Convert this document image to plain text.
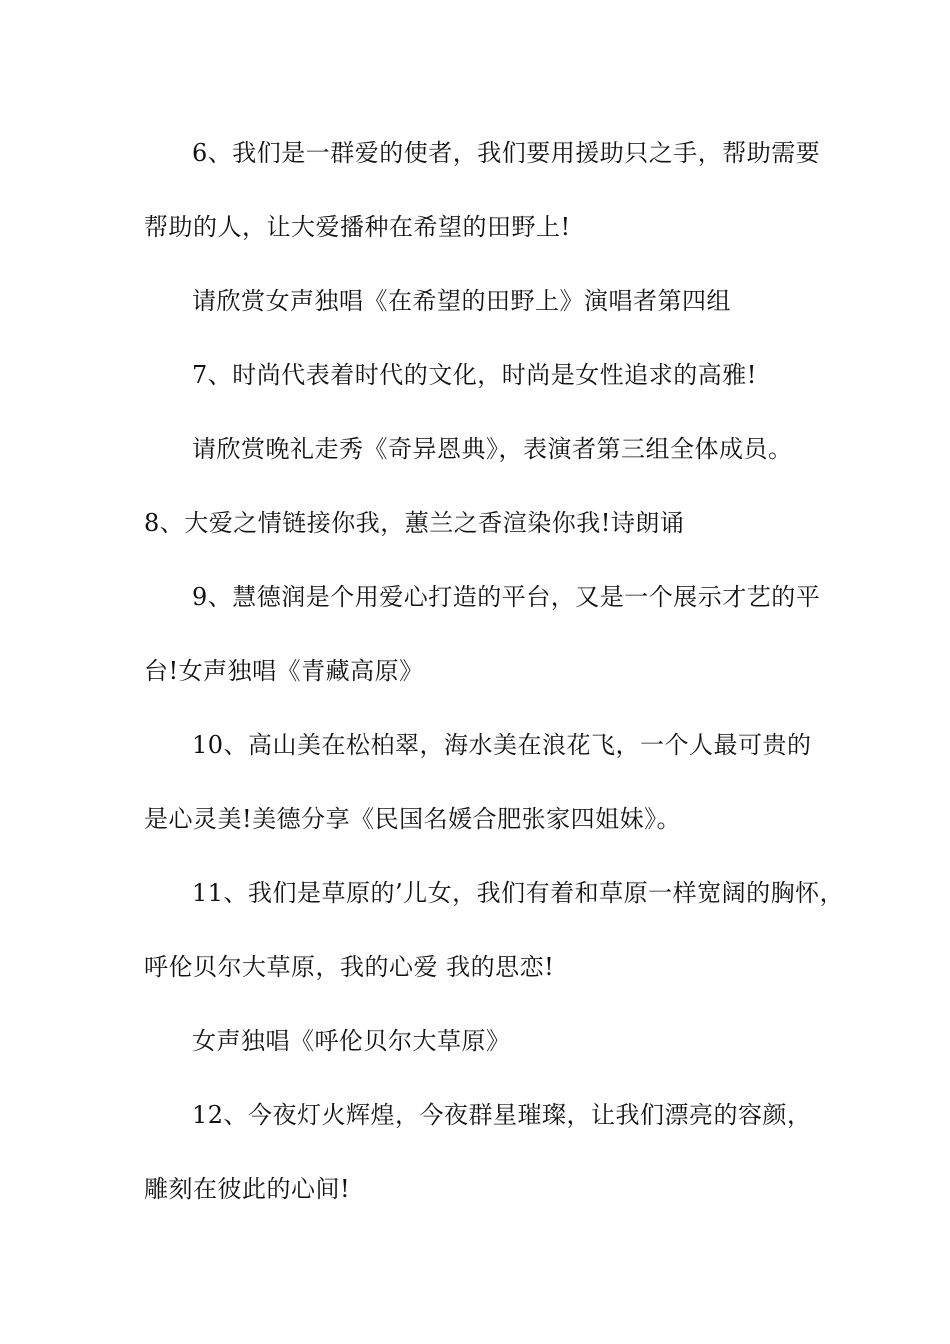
6、我们是一群爱的使者，我们要用援助只之手，帮助需要
帮助的人，让大爱播种在希望的田野上!
请欣赏女声独唱《在希望的田野上》演唱者第四组
7、时尚代表着时代的文化，时尚是女性追求的高雅!
请欣赏晚礼走秀《奇异恩典》，表演者第三组全体成员。
8、大爱之情链接你我，蕙兰之香渲染你我!诗朗诵
9、慧德润是个用爱心打造的平台，又是一个展示才艺的平
台!女声独唱《青藏高原》
10、高山美在松柏翠，海水美在浪花飞，一个人最可贵的
是心灵美!美德分享《民国名媛合肥张家四姐妹》。
11、我们是草原的’儿女，我们有着和草原一样宽阔的胸怀，
呼伦贝尔大草原，我的心爱 我的思恋!
女声独唱《呼伦贝尔大草原》
12、今夜灯火辉煌，今夜群星璀璨，让我们漂亮的容颜，
雕刻在彼此的心间!
